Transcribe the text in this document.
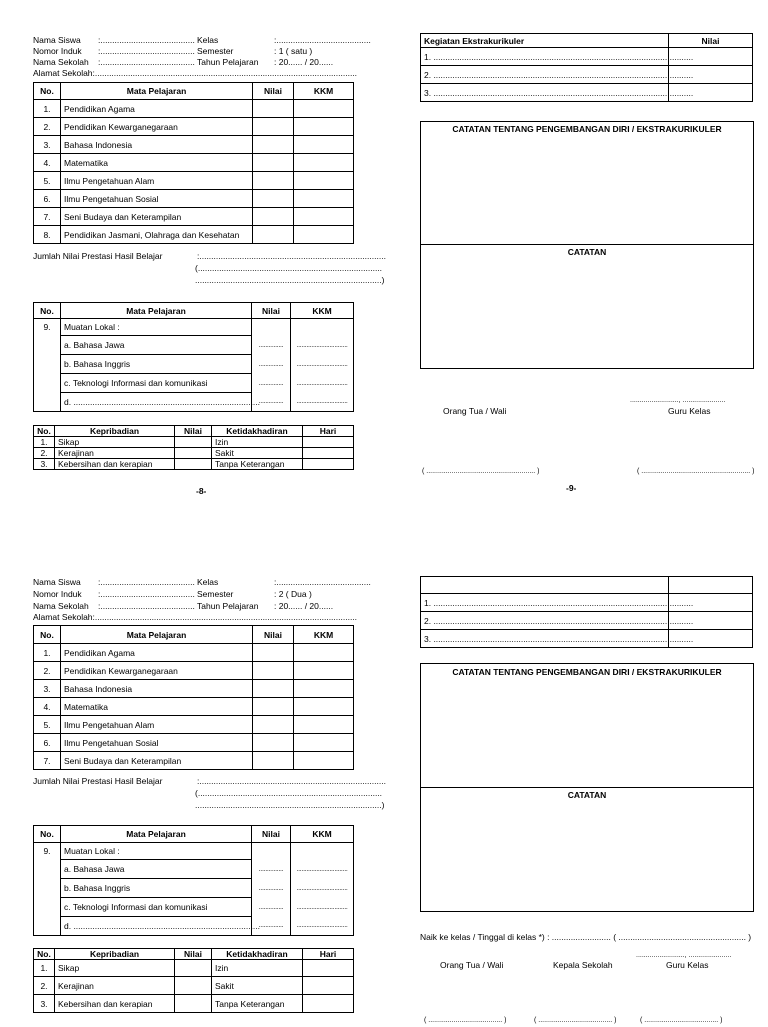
Nama Siswa :........................................ Kelas	:........................................
Nomor Induk :........................................ Semester	: 1 ( satu )
Nama Sekolah :........................................ Tahun Pelajaran : 20...... / 20......
Alamat Sekolah:...............................................................................................................
No.	Mata Pelajaran	Nilai	KKM
1.	Pendidikan Agama		
2.	Pendidikan Kewarganegaraan		
3.	Bahasa Indonesia		
4.	Matematika		
5.	Ilmu Pengetahuan Alam		
6.	Ilmu Pengetahuan Sosial		
7.	Seni Budaya dan Keterampilan		
8.	Pendidikan Jasmani, Olahraga dan Kesehatan		
Jumlah Nilai Prestasi Hasil Belajar	:...............................................................................
(..............................................................................
...............................................................................)
No.	Mata Pelajaran	Nilai	KKM
9.	Muatan Lokal :		
	a. Bahasa Jawa	...............	...............................
	b. Bahasa Inggris	...............	...............................
	c. Teknologi Informasi dan komunikasi	...............	...............................
	d. ...............................................................................	...............	...............................
No.	Kepribadian	Nilai	Ketidakhadiran	Hari
1.	Sikap		Izin	
2.	Kerajinan		Sakit	
3.	Kebersihan dan kerapian		Tanpa Keterangan	
-8-
Kegiatan Ekstrakurikuler	Nilai
1. ..............................................................................................................	
2. ..............................................................................................................	
3. ..............................................................................................................	
CATATAN TENTANG PENGEMBANGAN DIRI / EKSTRAKURIKULER
CATATAN
........................., ......................
Orang Tua / Wali	Guru Kelas
( ........................................................ )	( ........................................................ )
-9-
Nama Siswa :........................................ Kelas	:........................................
Nomor Induk :........................................ Semester	: 2 ( Dua )
Nama Sekolah :........................................ Tahun Pelajaran : 20...... / 20......
Alamat Sekolah:...............................................................................................................
No.	Mata Pelajaran	Nilai	KKM
1.	Pendidikan Agama		
2.	Pendidikan Kewarganegaraan		
3.	Bahasa Indonesia		
4.	Matematika		
5.	Ilmu Pengetahuan Alam		
6.	Ilmu Pengetahuan Sosial		
7.	Seni Budaya dan Keterampilan		
Jumlah Nilai Prestasi Hasil Belajar	:...............................................................................
(..............................................................................
...............................................................................)
No.	Mata Pelajaran	Nilai	KKM
9.	Muatan Lokal :		
	a. Bahasa Jawa	...............	...............................
	b. Bahasa Inggris	...............	...............................
	c. Teknologi Informasi dan komunikasi	...............	...............................
	d. ...............................................................................	...............	...............................
No.	Kepribadian	Nilai	Ketidakhadiran	Hari
1.	Sikap		Izin	
2.	Kerajinan		Sakit	
3.	Kebersihan dan kerapian		Tanpa Keterangan	

1. ..............................................................................................................	
2. ..............................................................................................................	
3. ..............................................................................................................	
CATATAN TENTANG PENGEMBANGAN DIRI / EKSTRAKURIKULER
CATATAN
Naik ke kelas / Tinggal di kelas *) : ......................... ( ...................................................... )
........................., ......................
Orang Tua / Wali	Kepala Sekolah	Guru Kelas
( ...................................... )	( ...................................... )	( ...................................... )
